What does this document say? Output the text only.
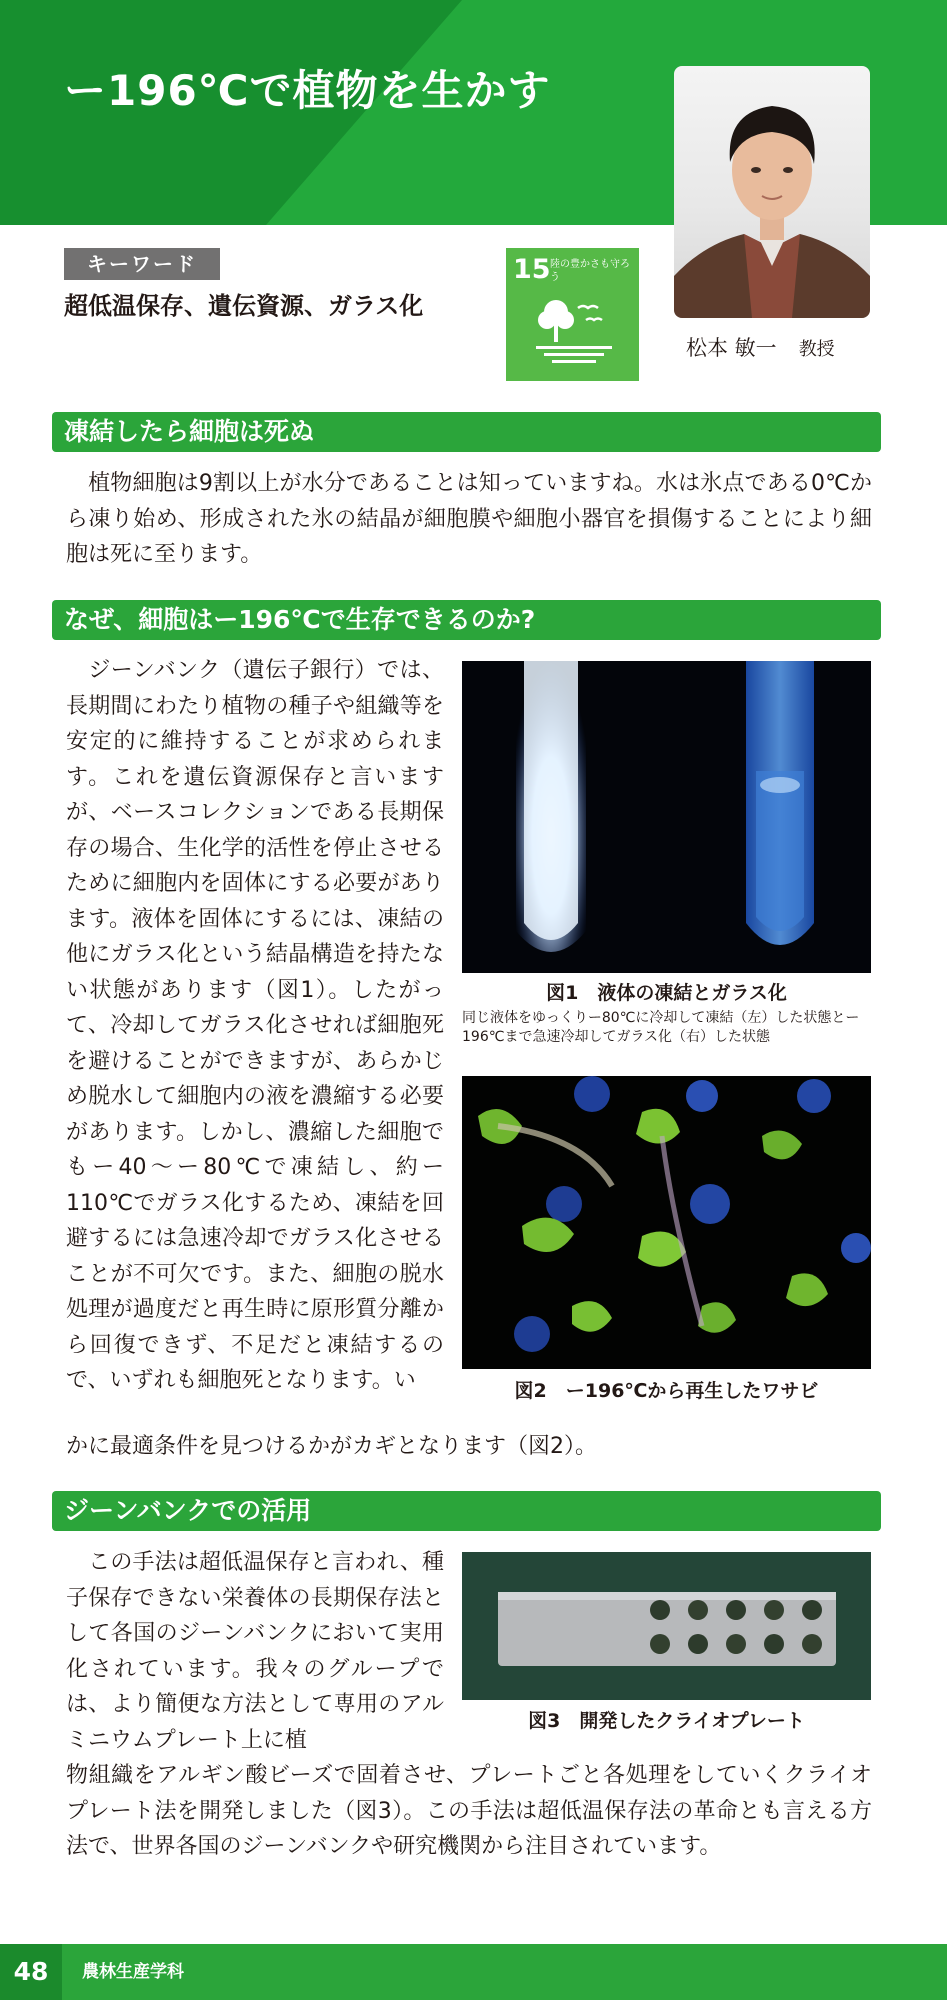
ー196℃で植物を生かす
松本 敏一 教授
キーワード
超低温保存、遺伝資源、ガラス化
15 陸の豊かさも守ろう
凍結したら細胞は死ぬ

植物細胞は9割以上が水分であることは知っていますね。水は氷点である0℃から凍り始め、形成された氷の結晶が細胞膜や細胞小器官を損傷することにより細胞は死に至ります。

なぜ、細胞はー196℃で生存できるのか?

ジーンバンク（遺伝子銀行）では、長期間にわたり植物の種子や組織等を安定的に維持することが求められます。これを遺伝資源保存と言いますが、ベースコレクションである長期保存の場合、生化学的活性を停止させるために細胞内を固体にする必要があります。液体を固体にするには、凍結の他にガラス化という結晶構造を持たない状態があります（図1）。したがって、冷却してガラス化させれば細胞死を避けることができますが、あらかじめ脱水して細胞内の液を濃縮する必要があります。しかし、濃縮した細胞でもー40〜ー80℃で凍結し、約ー110℃でガラス化するため、凍結を回避するには急速冷却でガラス化させることが不可欠です。また、細胞の脱水処理が過度だと再生時に原形質分離から回復できず、不足だと凍結するので、いずれも細胞死となります。い

かに最適条件を見つけるかがカギとなります（図2）。

図1　液体の凍結とガラス化
同じ液体をゆっくりー80℃に冷却して凍結（左）した状態とー196℃まで急速冷却してガラス化（右）した状態
図2　ー196℃から再生したワサビ
ジーンバンクでの活用

この手法は超低温保存と言われ、種子保存できない栄養体の長期保存法として各国のジーンバンクにおいて実用化されています。我々のグループでは、より簡便な方法として専用のアルミニウムプレート上に植

物組織をアルギン酸ビーズで固着させ、プレートごと各処理をしていくクライオプレート法を開発しました（図3）。この手法は超低温保存法の革命とも言える方法で、世界各国のジーンバンクや研究機関から注目されています。

図3　開発したクライオプレート
48	農林生産学科
